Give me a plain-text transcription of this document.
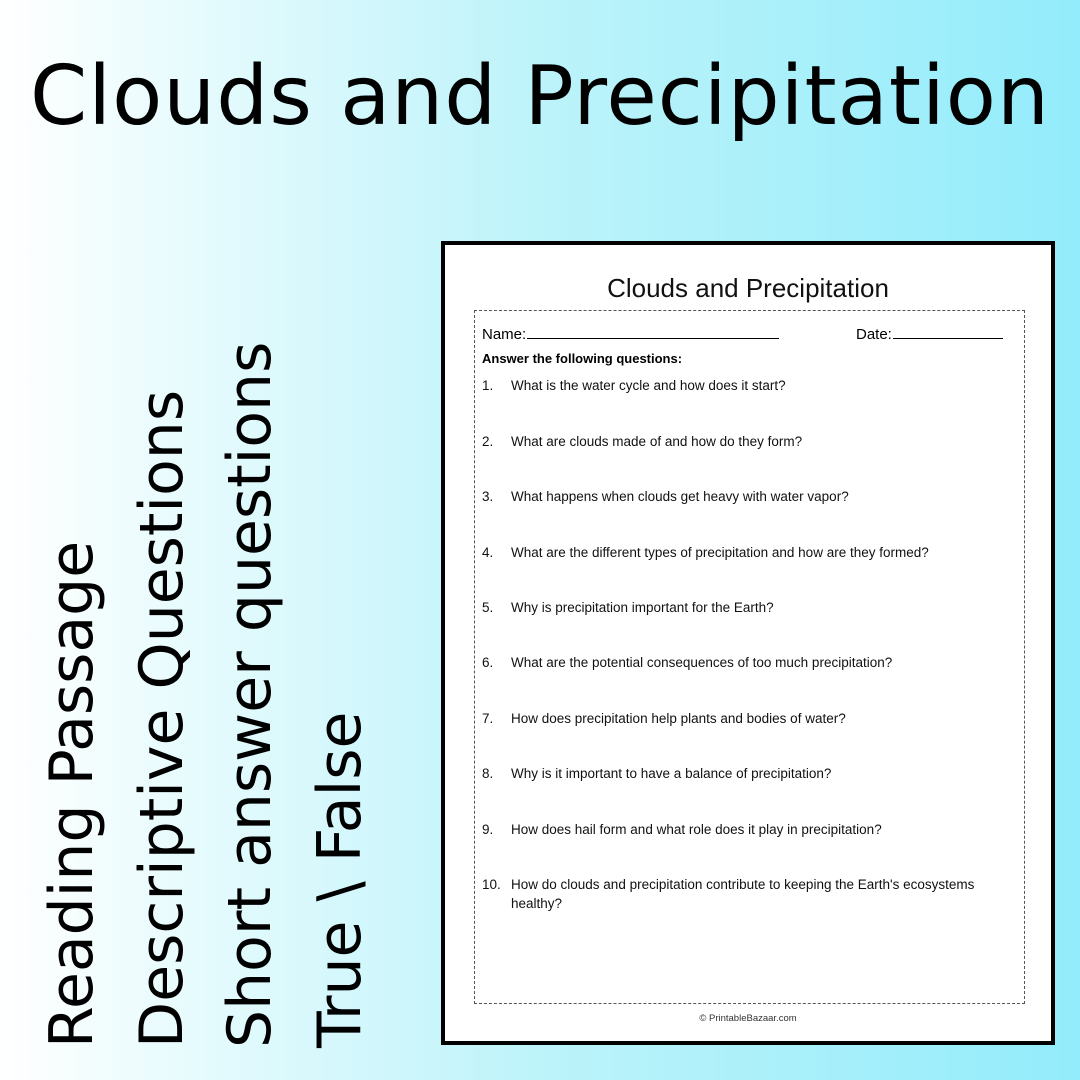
Clouds and Precipitation
Reading Passage Descriptive Questions Short answer questions True \ False
Clouds and Precipitation
Name:	Date:
Answer the following questions:
1. What is the water cycle and how does it start?
2. What are clouds made of and how do they form?
3. What happens when clouds get heavy with water vapor?
4. What are the different types of precipitation and how are they formed?
5. Why is precipitation important for the Earth?
6. What are the potential consequences of too much precipitation?
7. How does precipitation help plants and bodies of water?
8. Why is it important to have a balance of precipitation?
9. How does hail form and what role does it play in precipitation?
10. How do clouds and precipitation contribute to keeping the Earth's ecosystems healthy?
© PrintableBazaar.com
